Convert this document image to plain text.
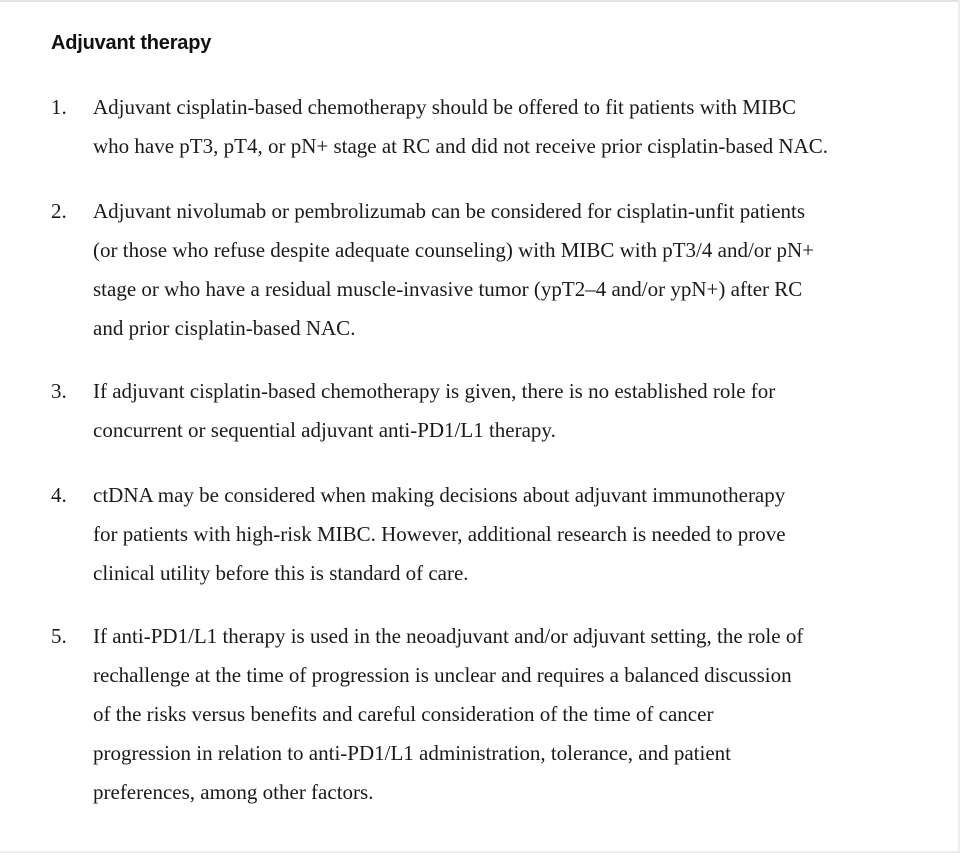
Adjuvant therapy
1. Adjuvant cisplatin-based chemotherapy should be offered to fit patients with MIBC
who have pT3, pT4, or pN+ stage at RC and did not receive prior cisplatin-based NAC.
2. Adjuvant nivolumab or pembrolizumab can be considered for cisplatin-unfit patients
(or those who refuse despite adequate counseling) with MIBC with pT3/4 and/or pN+
stage or who have a residual muscle-invasive tumor (ypT2–4 and/or ypN+) after RC
and prior cisplatin-based NAC.
3. If adjuvant cisplatin-based chemotherapy is given, there is no established role for
concurrent or sequential adjuvant anti-PD1/L1 therapy.
4. ctDNA may be considered when making decisions about adjuvant immunotherapy
for patients with high-risk MIBC. However, additional research is needed to prove
clinical utility before this is standard of care.
5. If anti-PD1/L1 therapy is used in the neoadjuvant and/or adjuvant setting, the role of
rechallenge at the time of progression is unclear and requires a balanced discussion
of the risks versus benefits and careful consideration of the time of cancer
progression in relation to anti-PD1/L1 administration, tolerance, and patient
preferences, among other factors.
